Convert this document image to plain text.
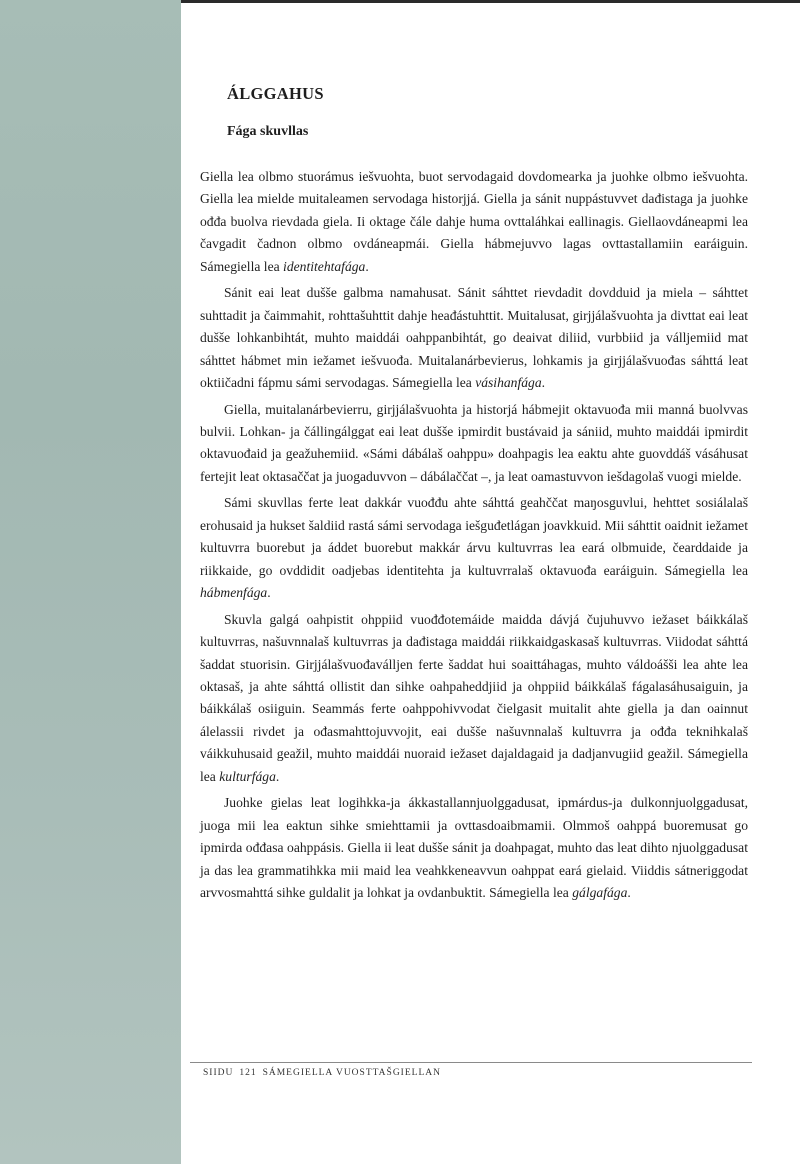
ÁLGGAHUS
Fága skuvllas

Giella lea olbmo stuorámus iešvuohta, buot servodagaid dovdomearka ja juohke olbmo iešvuohta. Giella lea mielde muitaleamen servodaga historjjá. Giella ja sánit nuppástuvvet dađistaga ja juohke ođđa buolva rievdada giela. Ii oktage čále dahje huma ovttaláhkai eallinagis. Giellaovdáneapmi lea čavgadit čadnon olbmo ovdáneapmái. Giella hábmejuvvo lagas ovttastallamiin earáiguin. Sámegiella lea identitehtafága.

Sánit eai leat dušše galbma namahusat. Sánit sáhttet rievdadit dovdduid ja miela – sáhttet suhttadit ja čaimmahit, rohttašuhttit dahje heađástuhttit. Muitalusat, girjjálašvuohta ja divttat eai leat dušše lohkanbihtát, muhto maiddái oahppanbihtát, go deaivat diliid, vurbbiid ja válljemiid mat sáhttet hábmet min iežamet iešvuođa. Muitalanárbevierus, lohkamis ja girjjálašvuođas sáhttá leat oktiičadni fápmu sámi servodagas. Sámegiella lea vásihanfága.

Giella, muitalanárbevierru, girjjálašvuohta ja historjá hábmejit oktavuođa mii manná buolvvas bulvii. Lohkan- ja čállingálggat eai leat dušše ipmirdit bustávaid ja sániid, muhto maiddái ipmirdit oktavuođaid ja geažuhemiid. «Sámi dábálaš oahppu» doahpagis lea eaktu ahte guovddáš vásáhusat fertejit leat oktasaččat ja juogaduvvon – dábálaččat –, ja leat oamastuvvon iešdagolaš vuogi mielde.

Sámi skuvllas ferte leat dakkár vuođđu ahte sáhttá geahččat maŋosguvlui, hehttet sosiálalaš erohusaid ja hukset šaldiid rastá sámi servodaga iešguđetlágan joavkkuid. Mii sáhttit oaidnit iežamet kultuvrra buorebut ja áddet buorebut makkár árvu kultuvrras lea eará olbmuide, čearddaide ja riikkaide, go ovddidit oadjebas identitehta ja kultuvrralaš oktavuođa earáiguin. Sámegiella lea hábmenfága.

Skuvla galgá oahpistit ohppiid vuođđotemáide maidda dávjá čujuhuvvo iežaset báikkálaš kultuvrras, našuvnnalaš kultuvrras ja dađistaga maiddái riikkaidgaskasaš kultuvrras. Viidodat sáhttá šaddat stuorisin. Girjjálašvuođaválljen ferte šaddat hui soaittáhagas, muhto váldoášši lea ahte lea oktasaš, ja ahte sáhttá ollistit dan sihke oahpaheddjiid ja ohppiid báikkálaš fágalasáhusaiguin, ja báikkálaš osiiguin. Seammás ferte oahppohivvodat čielgasit muitalit ahte giella ja dan oainnut álelassii rivdet ja ođasmahttojuvvojit, eai dušše našuvnnalaš kultuvrra ja ođđa teknihkalaš váikkuhusaid geažil, muhto maiddái nuoraid iežaset dajaldagaid ja dadjanvugiid geažil. Sámegiella lea kulturfága.

Juohke gielas leat logihkka-ja ákkastallannjuolggadusat, ipmárdus-ja dulkonnjuolggadusat, juoga mii lea eaktun sihke smiehttamii ja ovttasdoaibmamii. Olmmoš oahppá buoremusat go ipmirda ođđasa oahppásis. Giella ii leat dušše sánit ja doahpagat, muhto das leat dihto njuolggadusat ja das lea grammatihkka mii maid lea veahkkeneavvun oahppat eará gielaid. Viiddis sátneriggodat arvvosmahttá sihke guldalit ja lohkat ja ovdanbuktit. Sámegiella lea gálgafága.

SIIDU 121 SÁMEGIELLA VUOSTTAŠGIELLAN
